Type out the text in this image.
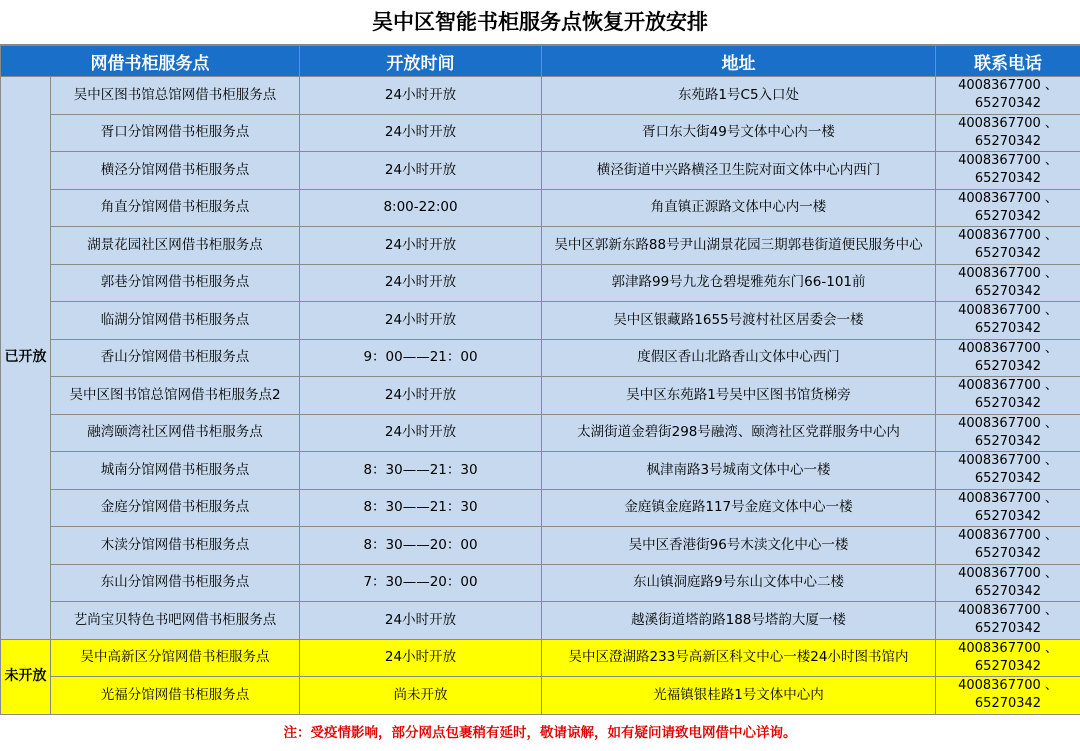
吴中区智能书柜服务点恢复开放安排
网借书柜服务点		开放时间	地址	联系电话
已开放	吴中区图书馆总馆网借书柜服务点	24小时开放	东苑路1号C5入口处	4008367700 、65270342
	胥口分馆网借书柜服务点	24小时开放	胥口东大街49号文体中心内一楼	4008367700 、65270342
	横泾分馆网借书柜服务点	24小时开放	横泾街道中兴路横泾卫生院对面文体中心内西门	4008367700 、65270342
	角直分馆网借书柜服务点	8:00-22:00	角直镇正源路文体中心内一楼	4008367700 、65270342
	湖景花园社区网借书柜服务点	24小时开放	吴中区郭新东路88号尹山湖景花园三期郭巷街道便民服务中心	4008367700 、65270342
	郭巷分馆网借书柜服务点	24小时开放	郭津路99号九龙仓碧堤雅苑东门66-101前	4008367700 、65270342
	临湖分馆网借书柜服务点	24小时开放	吴中区银藏路1655号渡村社区居委会一楼	4008367700 、65270342
	香山分馆网借书柜服务点	9：00——21：00	度假区香山北路香山文体中心西门	4008367700 、65270342
	吴中区图书馆总馆网借书柜服务点2	24小时开放	吴中区东苑路1号吴中区图书馆货梯旁	4008367700 、65270342
	融湾颐湾社区网借书柜服务点	24小时开放	太湖街道金碧街298号融湾、颐湾社区党群服务中心内	4008367700 、65270342
	城南分馆网借书柜服务点	8：30——21：30	枫津南路3号城南文体中心一楼	4008367700 、65270342
	金庭分馆网借书柜服务点	8：30——21：30	金庭镇金庭路117号金庭文体中心一楼	4008367700 、65270342
	木渎分馆网借书柜服务点	8：30——20：00	吴中区香港街96号木渎文化中心一楼	4008367700 、65270342
	东山分馆网借书柜服务点	7：30——20：00	东山镇洞庭路9号东山文体中心二楼	4008367700 、65270342
	艺尚宝贝特色书吧网借书柜服务点	24小时开放	越溪街道塔韵路188号塔韵大厦一楼	4008367700 、65270342
未开放	吴中高新区分馆网借书柜服务点	24小时开放	吴中区澄湖路233号高新区科文中心一楼24小时图书馆内	4008367700 、65270342
	光福分馆网借书柜服务点	尚未开放	光福镇银桂路1号文体中心内	4008367700 、65270342
注：受疫情影响，部分网点包裹稍有延时，敬请谅解，如有疑问请致电网借中心详询。
